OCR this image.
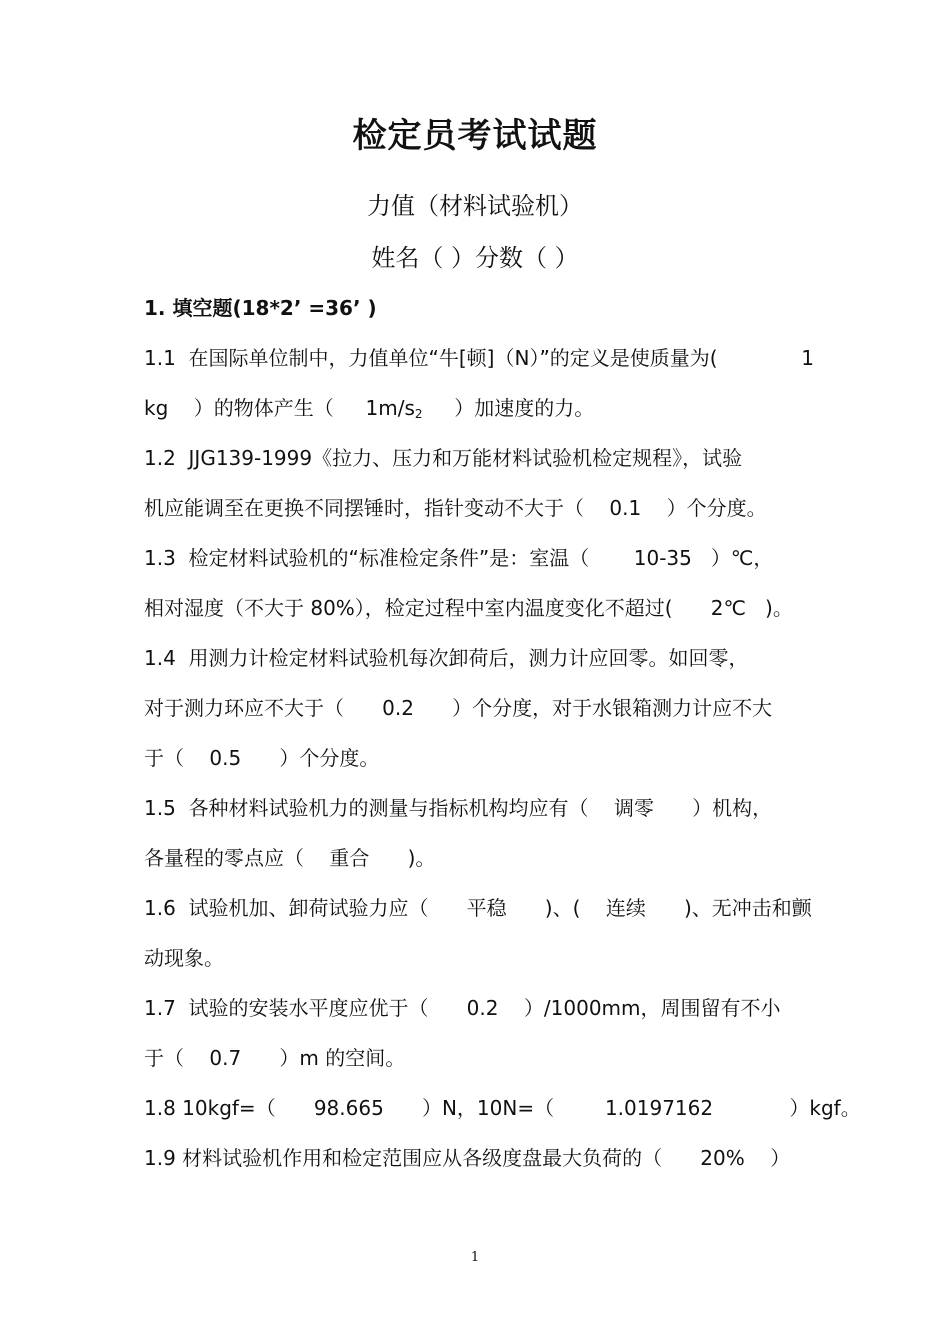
检定员考试试题
力值（材料试验机）
姓名（ ）分数（ ）
1. 填空题(18*2’ =36’ )
1.1  在国际单位制中，力值单位“牛[顿]（N）”的定义是使质量为(	1
kg    ）的物体产生（     $1m/s_2$     ）加速度的力。
1.2  JJG139-1999《拉力、压力和万能材料试验机检定规程》，试验
机应能调至在更换不同摆锤时，指针变动不大于（    0.1    ）个分度。
1.3  检定材料试验机的“标准检定条件”是：室温（       10-35   ）℃，
相对湿度（不大于 80%），检定过程中室内温度变化不超过(      2℃   )。
1.4  用测力计检定材料试验机每次卸荷后，测力计应回零。如回零，
对于测力环应不大于（      0.2      ）个分度，对于水银箱测力计应不大
于（    0.5      ）个分度。
1.5  各种材料试验机力的测量与指标机构均应有（    调零      ）机构，
各量程的零点应（    重合      )。
1.6  试验机加、卸荷试验力应（      平稳      )、(    连续      )、无冲击和颤
动现象。
1.7  试验的安装水平度应优于（      0.2    ）/1000mm，周围留有不小
于（    0.7      ）m 的空间。
1.8 10kgf=（      98.665      ）N，10N=（        1.0197162            ）kgf。
1.9 材料试验机作用和检定范围应从各级度盘最大负荷的（      20%    ）
1
